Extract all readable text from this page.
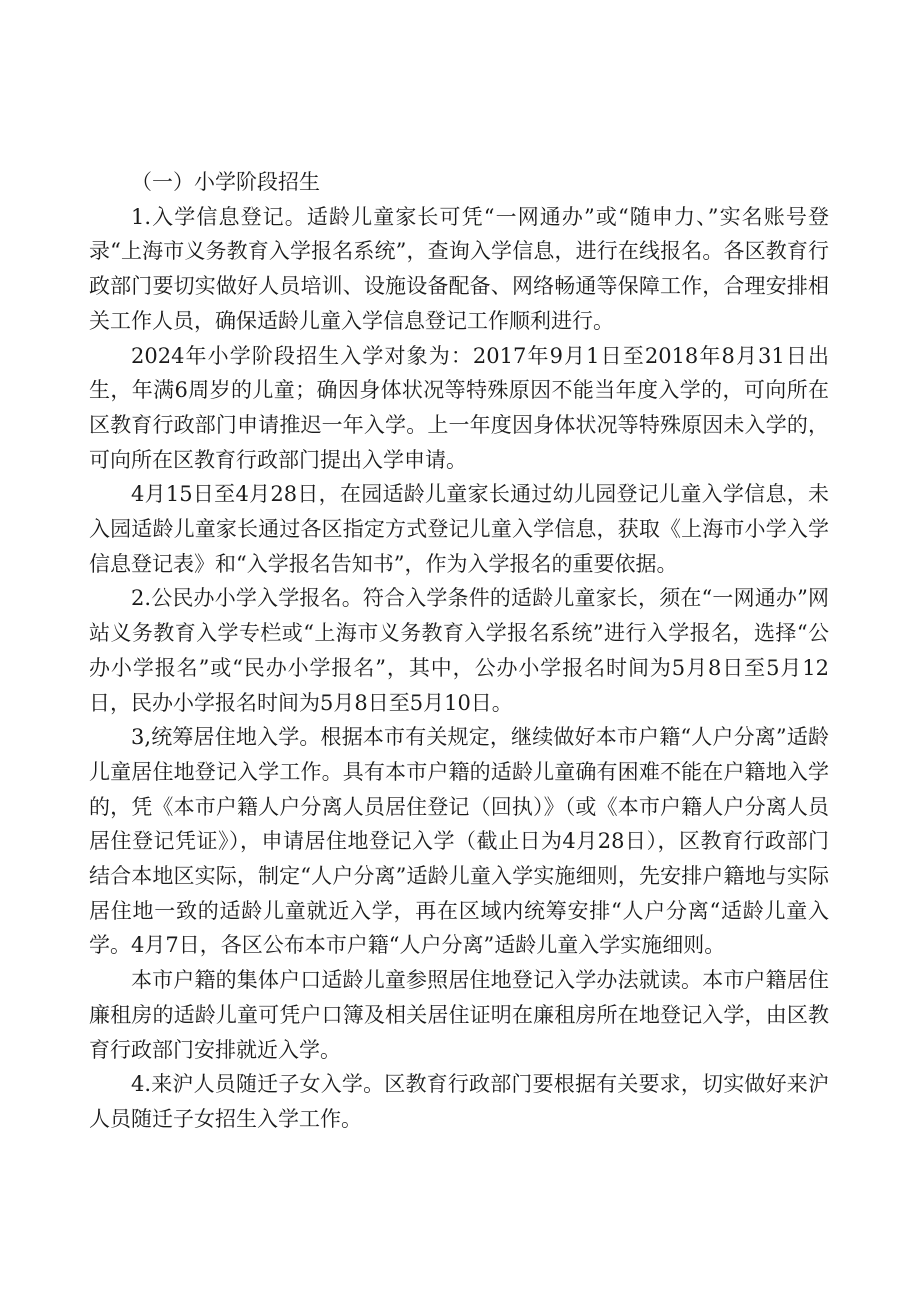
（一）小学阶段招生

1.入学信息登记。适龄儿童家长可凭“一网通办”或“随申力、”实名账号登录“上海市义务教育入学报名系统”，查询入学信息，进行在线报名。各区教育行政部门要切实做好人员培训、设施设备配备、网络畅通等保障工作，合理安排相关工作人员，确保适龄儿童入学信息登记工作顺利进行。

2024年小学阶段招生入学对象为：2017年9月1日至2018年8月31日出生，年满6周岁的儿童；确因身体状况等特殊原因不能当年度入学的，可向所在区教育行政部门申请推迟一年入学。上一年度因身体状况等特殊原因未入学的，可向所在区教育行政部门提出入学申请。

4月15日至4月28日，在园适龄儿童家长通过幼儿园登记儿童入学信息，未入园适龄儿童家长通过各区指定方式登记儿童入学信息，获取《上海市小学入学信息登记表》和“入学报名告知书”，作为入学报名的重要依据。

2.公民办小学入学报名。符合入学条件的适龄儿童家长，须在“一网通办”网站义务教育入学专栏或“上海市义务教育入学报名系统”进行入学报名，选择“公办小学报名”或“民办小学报名”，其中，公办小学报名时间为5月8日至5月12日，民办小学报名时间为5月8日至5月10日。

3,统筹居住地入学。根据本市有关规定，继续做好本市户籍“人户分离”适龄儿童居住地登记入学工作。具有本市户籍的适龄儿童确有困难不能在户籍地入学的，凭《本市户籍人户分离人员居住登记（回执）》（或《本市户籍人户分离人员居住登记凭证》），申请居住地登记入学（截止日为4月28日），区教育行政部门结合本地区实际，制定“人户分离”适龄儿童入学实施细则，先安排户籍地与实际居住地一致的适龄儿童就近入学，再在区域内统筹安排“人户分离“适龄儿童入学。4月7日，各区公布本市户籍“人户分离”适龄儿童入学实施细则。

本市户籍的集体户口适龄儿童参照居住地登记入学办法就读。本市户籍居住廉租房的适龄儿童可凭户口簿及相关居住证明在廉租房所在地登记入学，由区教育行政部门安排就近入学。

4.来沪人员随迁子女入学。区教育行政部门要根据有关要求，切实做好来沪人员随迁子女招生入学工作。
